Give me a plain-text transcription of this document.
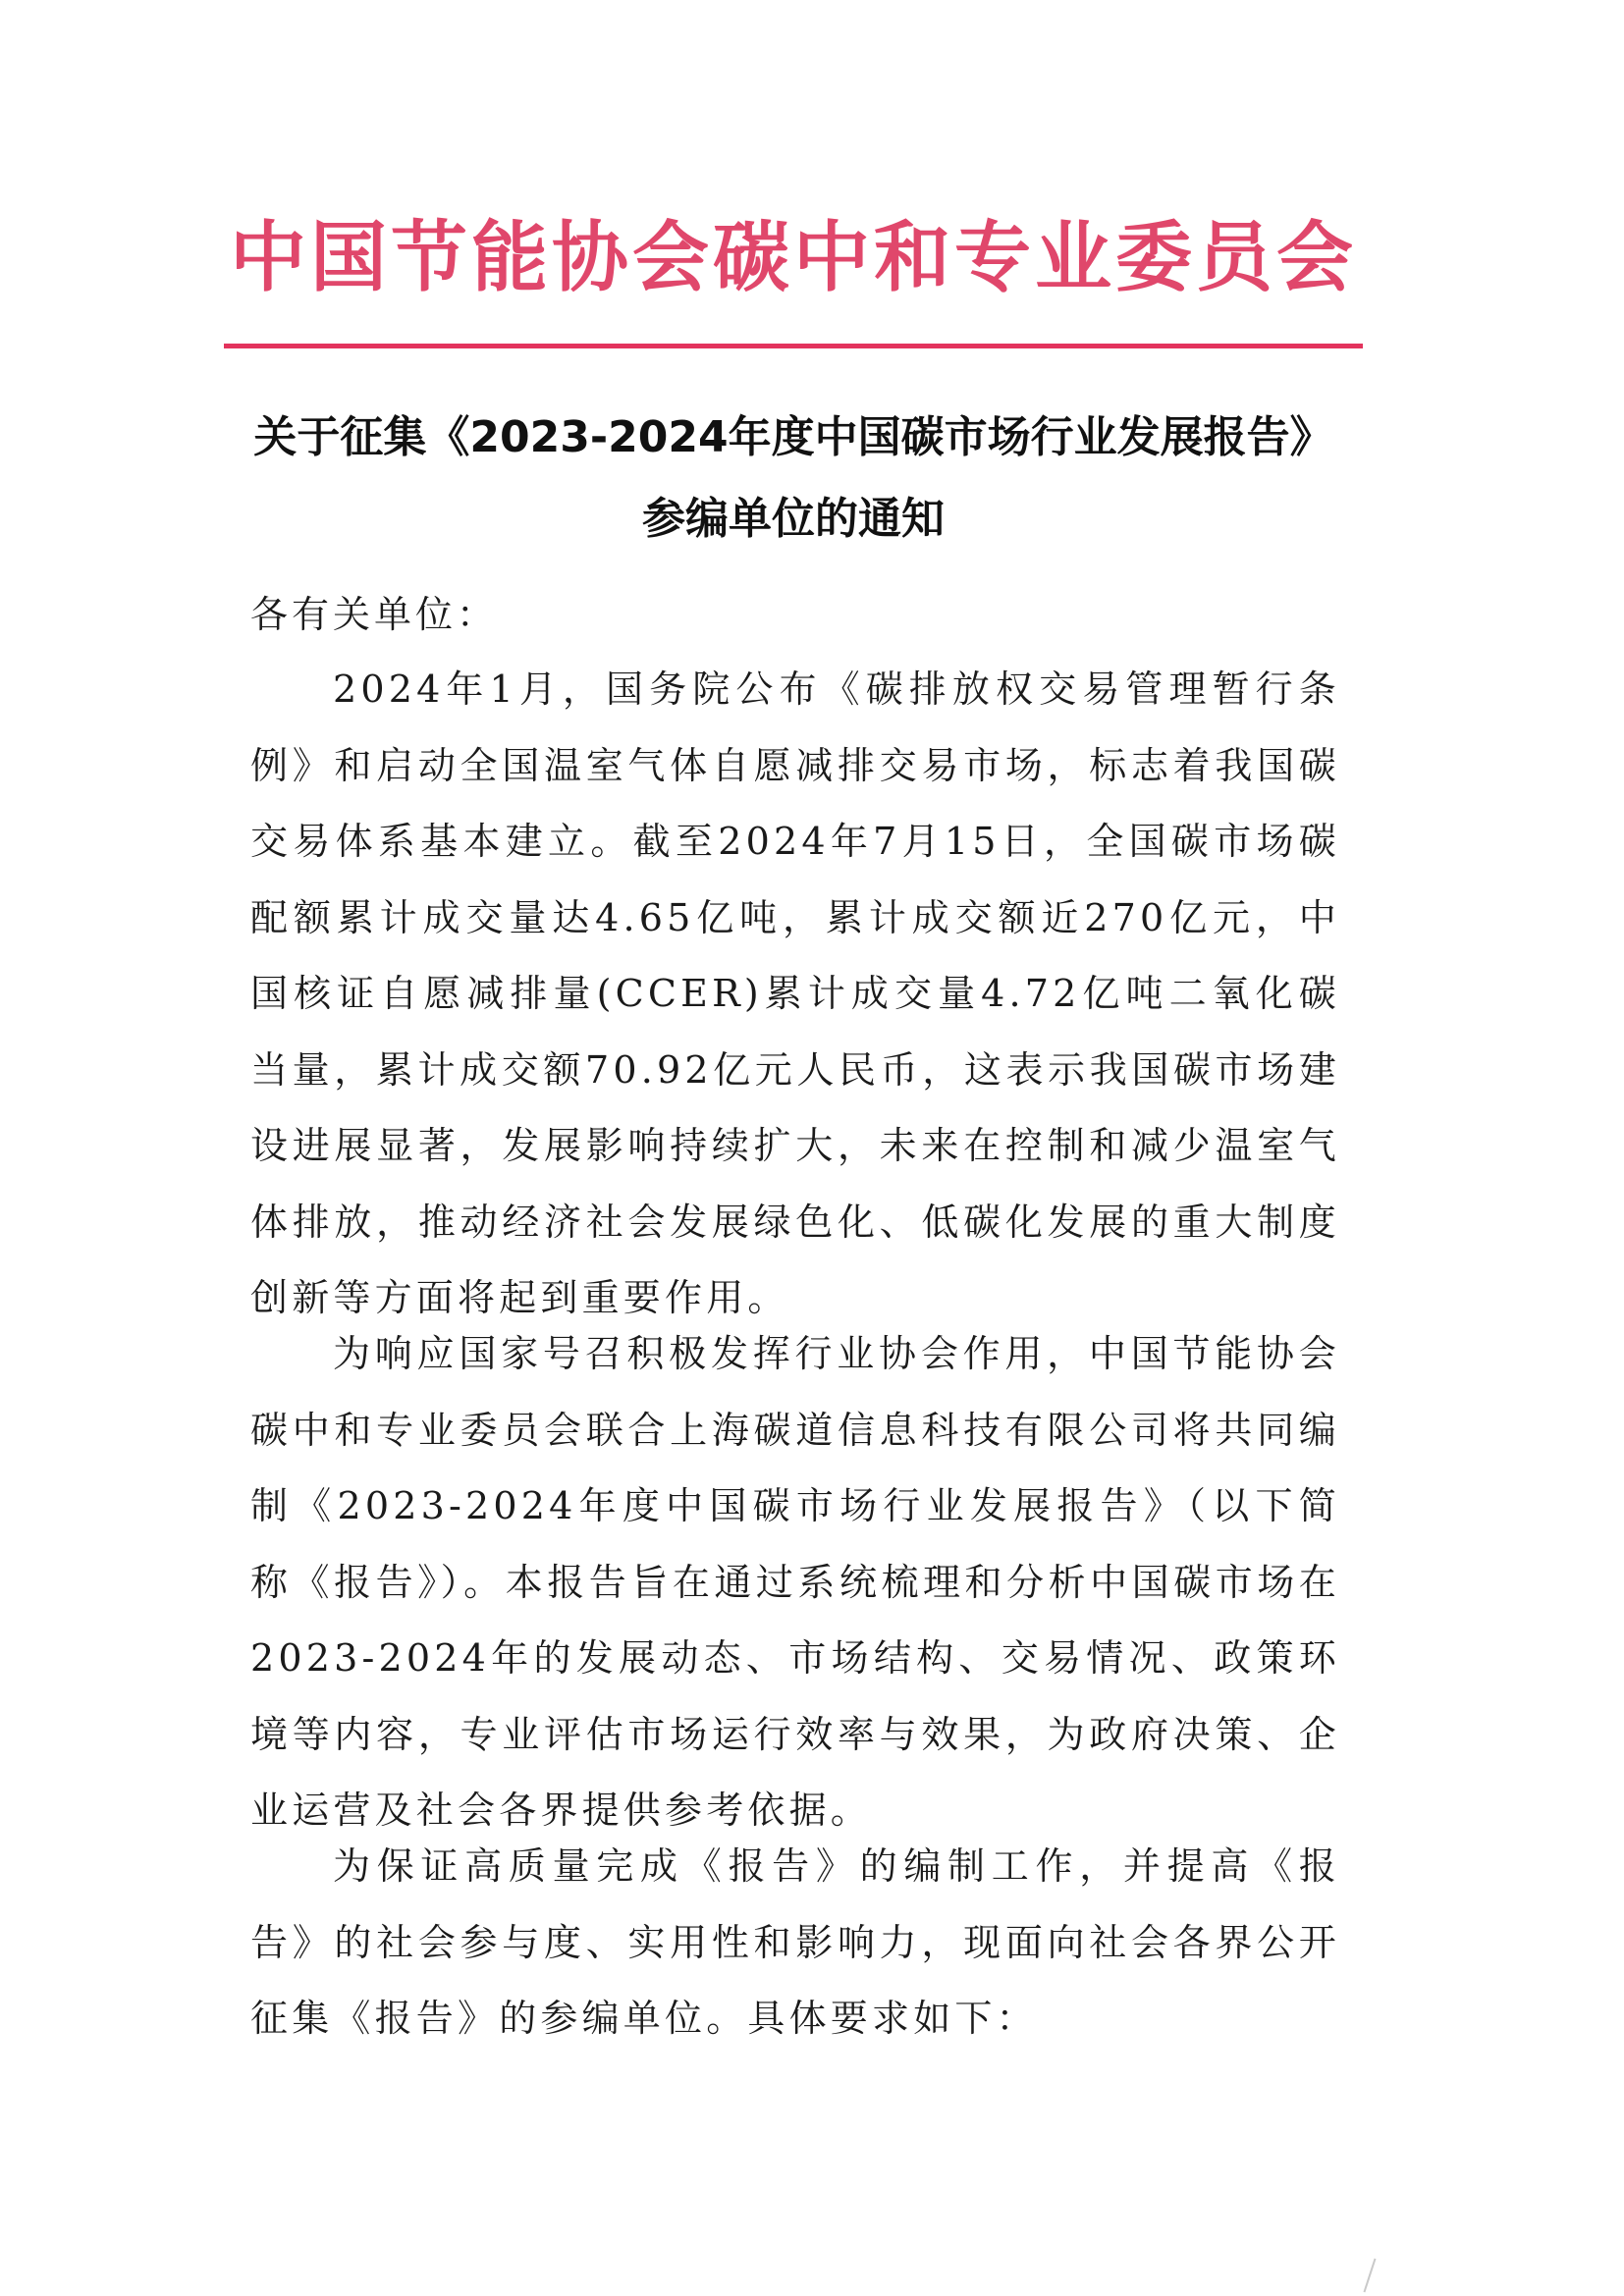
中国节能协会碳中和专业委员会
关于征集《2023-2024年度中国碳市场行业发展报告》
参编单位的通知
各有关单位：

2024年1月，国务院公布《碳排放权交易管理暂行条例》和启动全国温室气体自愿减排交易市场，标志着我国碳交易体系基本建立。截至2024年7月15日，全国碳市场碳配额累计成交量达4.65亿吨，累计成交额近270亿元，中国核证自愿减排量(CCER)累计成交量4.72亿吨二氧化碳当量，累计成交额70.92亿元人民币，这表示我国碳市场建设进展显著，发展影响持续扩大，未来在控制和减少温室气体排放，推动经济社会发展绿色化、低碳化发展的重大制度创新等方面将起到重要作用。

为响应国家号召积极发挥行业协会作用，中国节能协会碳中和专业委员会联合上海碳道信息科技有限公司将共同编制《2023-2024年度中国碳市场行业发展报告》（以下简称《报告》）。本报告旨在通过系统梳理和分析中国碳市场在2023-2024年的发展动态、市场结构、交易情况、政策环境等内容，专业评估市场运行效率与效果，为政府决策、企业运营及社会各界提供参考依据。

为保证高质量完成《报告》的编制工作，并提高《报告》的社会参与度、实用性和影响力，现面向社会各界公开征集《报告》的参编单位。具体要求如下：
